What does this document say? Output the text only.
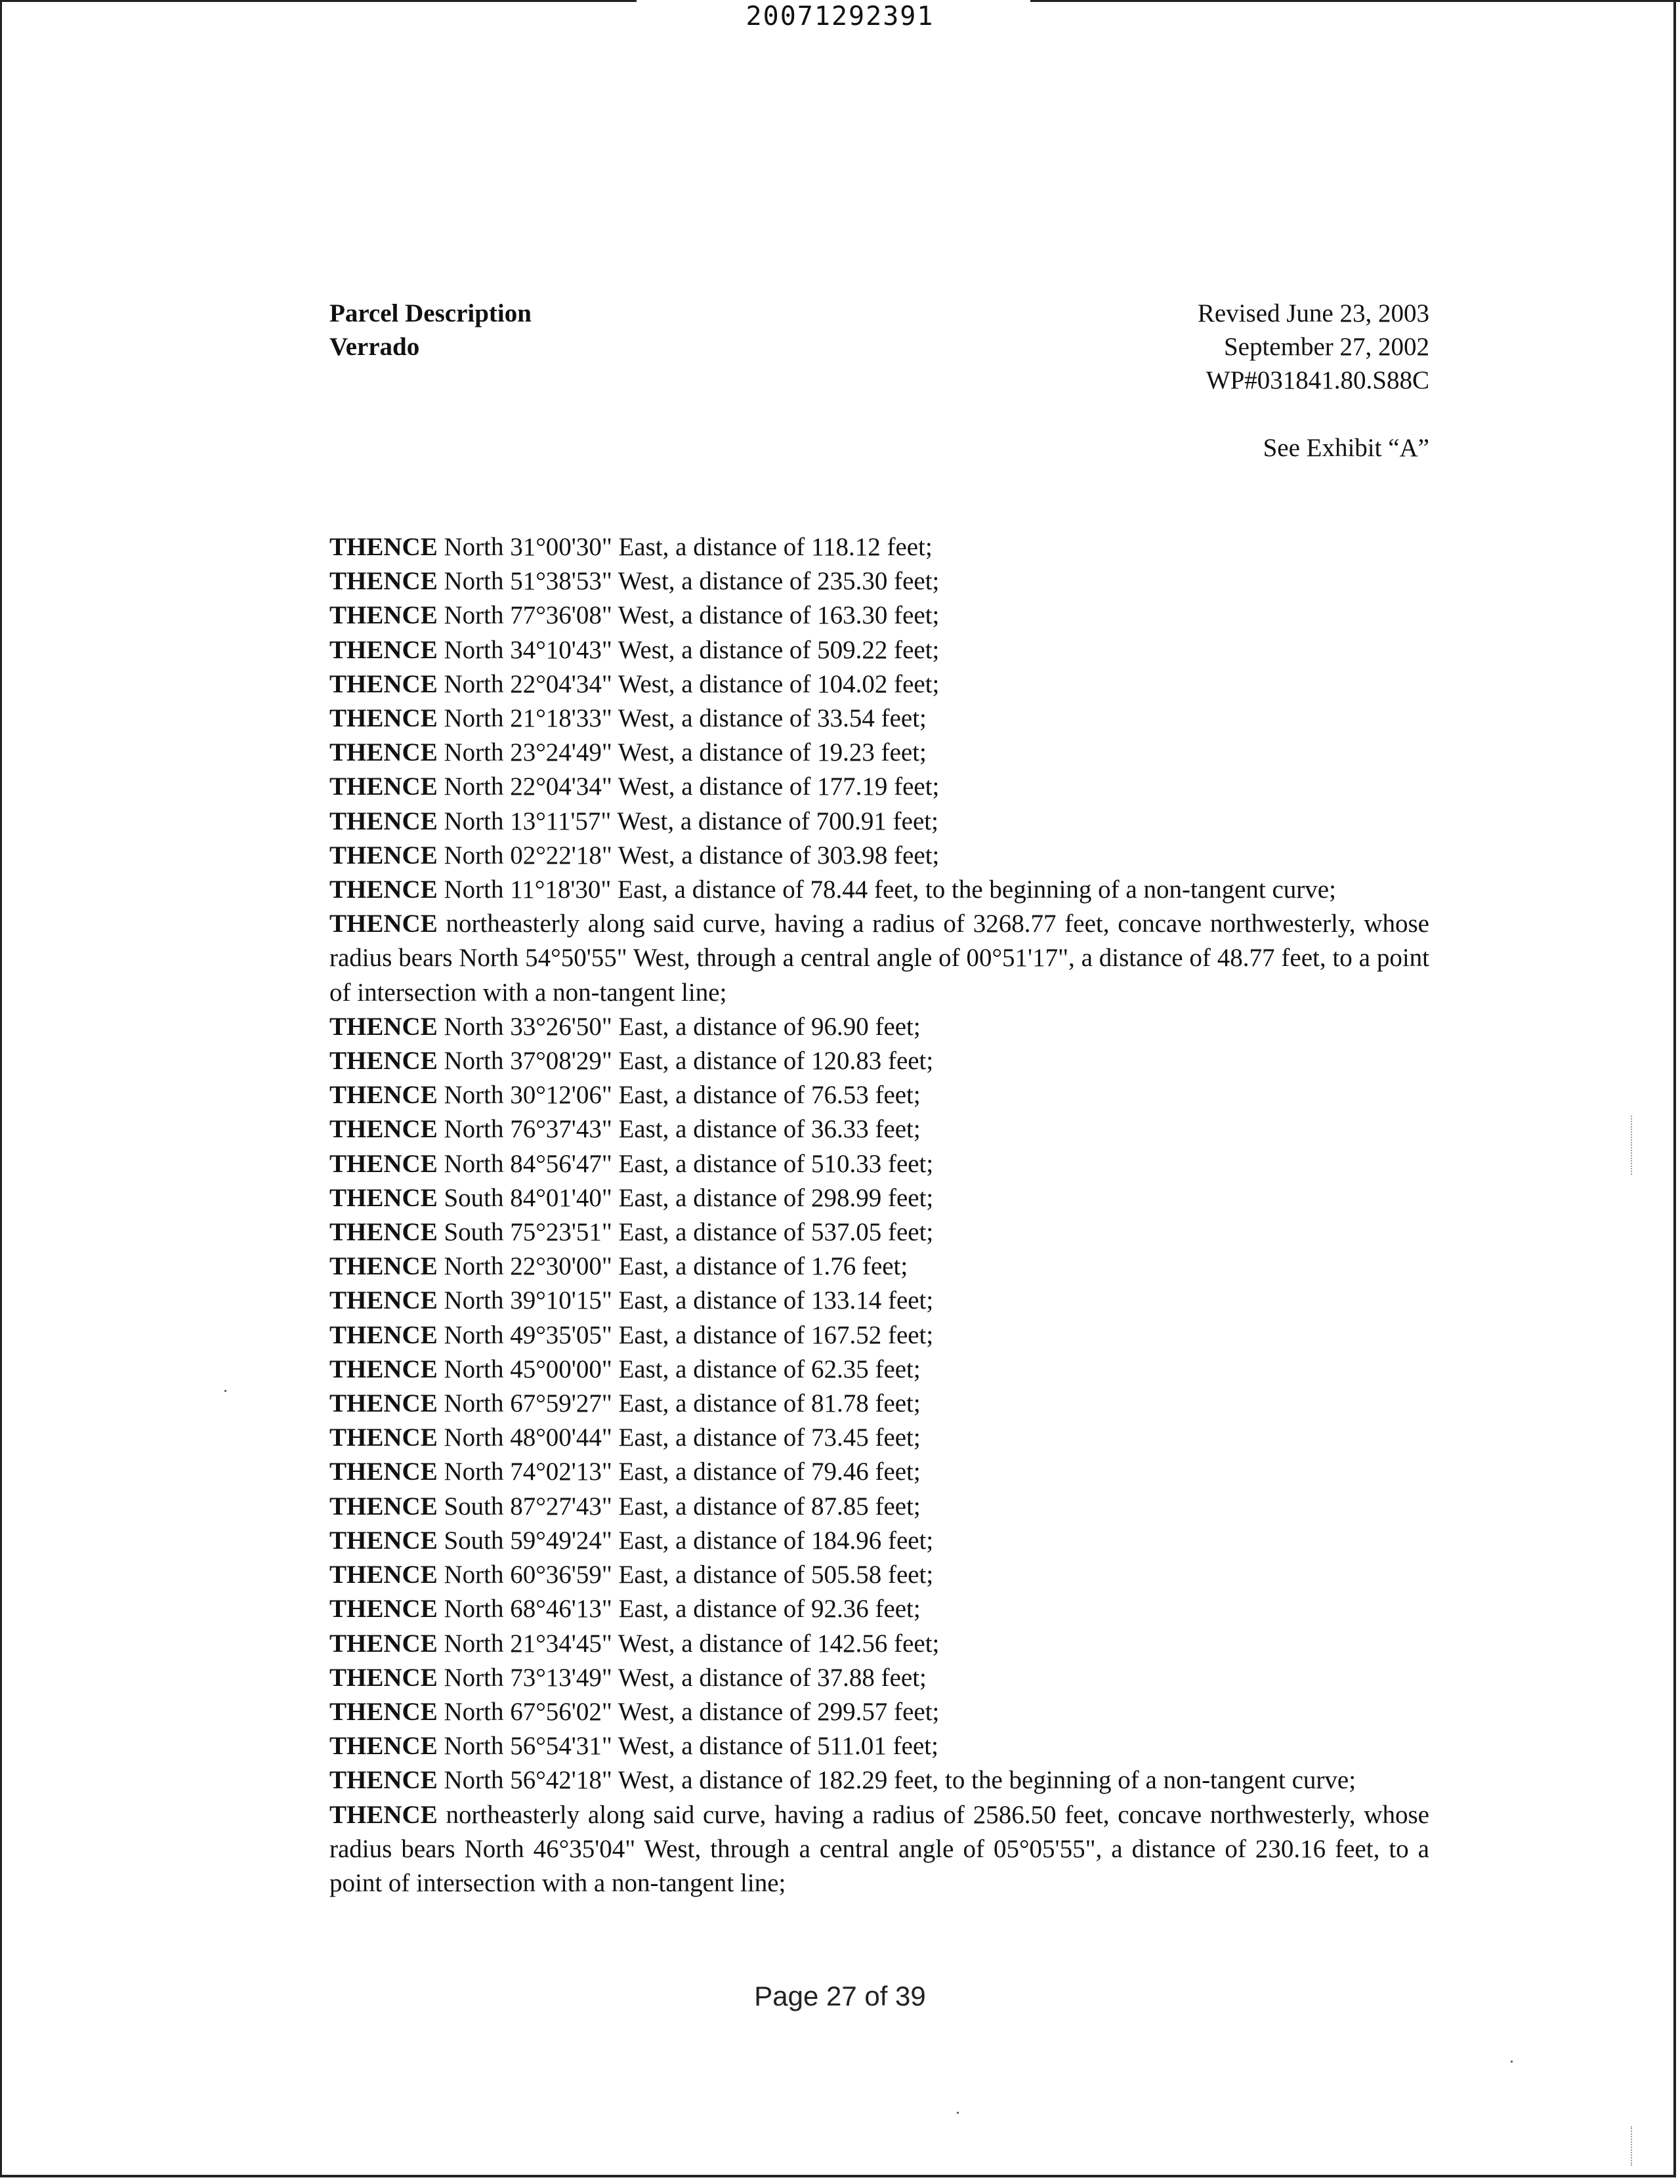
20071292391
Parcel Description
Verrado
Revised June 23, 2003
September 27, 2002
WP#031841.80.S88C
See Exhibit “A”

THENCE North 31°00'30" East, a distance of 118.12 feet;

THENCE North 51°38'53" West, a distance of 235.30 feet;

THENCE North 77°36'08" West, a distance of 163.30 feet;

THENCE North 34°10'43" West, a distance of 509.22 feet;

THENCE North 22°04'34" West, a distance of 104.02 feet;

THENCE North 21°18'33" West, a distance of 33.54 feet;

THENCE North 23°24'49" West, a distance of 19.23 feet;

THENCE North 22°04'34" West, a distance of 177.19 feet;

THENCE North 13°11'57" West, a distance of 700.91 feet;

THENCE North 02°22'18" West, a distance of 303.98 feet;

THENCE North 11°18'30" East, a distance of 78.44 feet, to the beginning of a non-tangent curve;

THENCE northeasterly along said curve, having a radius of 3268.77 feet, concave northwesterly, whose radius bears North 54°50'55" West, through a central angle of 00°51'17", a distance of 48.77 feet, to a point of intersection with a non-tangent line;

THENCE North 33°26'50" East, a distance of 96.90 feet;

THENCE North 37°08'29" East, a distance of 120.83 feet;

THENCE North 30°12'06" East, a distance of 76.53 feet;

THENCE North 76°37'43" East, a distance of 36.33 feet;

THENCE North 84°56'47" East, a distance of 510.33 feet;

THENCE South 84°01'40" East, a distance of 298.99 feet;

THENCE South 75°23'51" East, a distance of 537.05 feet;

THENCE North 22°30'00" East, a distance of 1.76 feet;

THENCE North 39°10'15" East, a distance of 133.14 feet;

THENCE North 49°35'05" East, a distance of 167.52 feet;

THENCE North 45°00'00" East, a distance of 62.35 feet;

THENCE North 67°59'27" East, a distance of 81.78 feet;

THENCE North 48°00'44" East, a distance of 73.45 feet;

THENCE North 74°02'13" East, a distance of 79.46 feet;

THENCE South 87°27'43" East, a distance of 87.85 feet;

THENCE South 59°49'24" East, a distance of 184.96 feet;

THENCE North 60°36'59" East, a distance of 505.58 feet;

THENCE North 68°46'13" East, a distance of 92.36 feet;

THENCE North 21°34'45" West, a distance of 142.56 feet;

THENCE North 73°13'49" West, a distance of 37.88 feet;

THENCE North 67°56'02" West, a distance of 299.57 feet;

THENCE North 56°54'31" West, a distance of 511.01 feet;

THENCE North 56°42'18" West, a distance of 182.29 feet, to the beginning of a non-tangent curve;

THENCE northeasterly along said curve, having a radius of 2586.50 feet, concave northwesterly, whose radius bears North 46°35'04" West, through a central angle of 05°05'55", a distance of 230.16 feet, to a point of intersection with a non-tangent line;

Page 27 of 39
